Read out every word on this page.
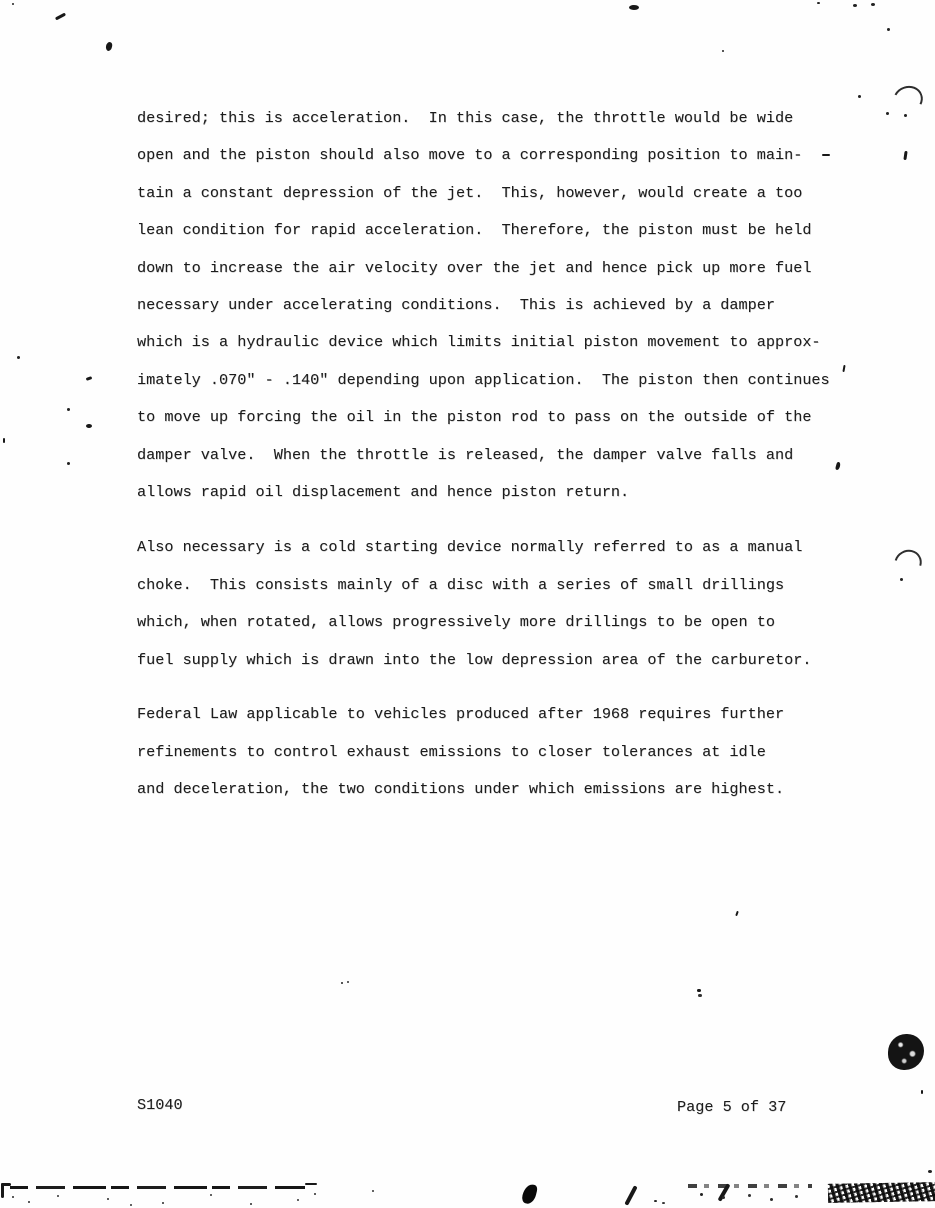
desired; this is acceleration.  In this case, the throttle would be wide
open and the piston should also move to a corresponding position to main-
tain a constant depression of the jet.  This, however, would create a too
lean condition for rapid acceleration.  Therefore, the piston must be held
down to increase the air velocity over the jet and hence pick up more fuel
necessary under accelerating conditions.  This is achieved by a damper
which is a hydraulic device which limits initial piston movement to approx-
imately .070" - .140" depending upon application.  The piston then continues
to move up forcing the oil in the piston rod to pass on the outside of the
damper valve.  When the throttle is released, the damper valve falls and
allows rapid oil displacement and hence piston return.
Also necessary is a cold starting device normally referred to as a manual
choke.  This consists mainly of a disc with a series of small drillings
which, when rotated, allows progressively more drillings to be open to
fuel supply which is drawn into the low depression area of the carburetor.
Federal Law applicable to vehicles produced after 1968 requires further
refinements to control exhaust emissions to closer tolerances at idle
and deceleration, the two conditions under which emissions are highest.
S1040	Page 5 of 37
